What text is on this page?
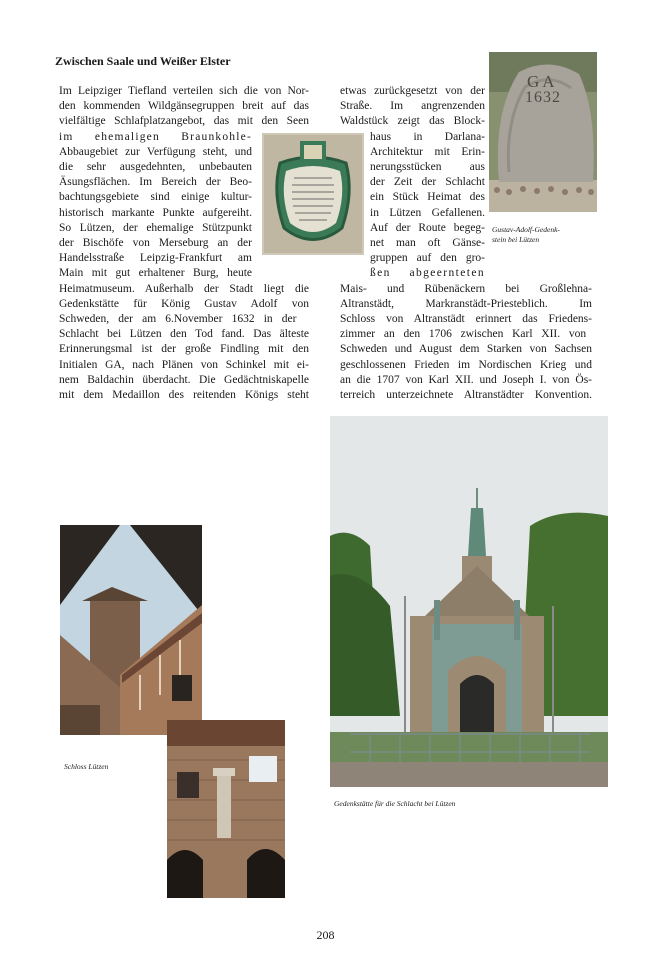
Zwischen Saale und Weißer Elster
Im Leipziger Tiefland verteilen sich die von Nor-
den kommenden Wildgänsegruppen breit auf das
vielfältige Schlafplatzangebot, das mit den Seen
im ehemaligen Braunkohle-
Abbaugebiet zur Verfügung steht, und
die sehr ausgedehnten, unbebauten
Äsungsflächen. Im Bereich der Beo-
bachtungsgebiete sind einige kultur-
historisch markante Punkte aufgereiht.
So Lützen, der ehemalige Stützpunkt
der Bischöfe von Merseburg an der
Handelsstraße Leipzig-Frankfurt am
Main mit gut erhaltener Burg, heute
Heimatmuseum. Außerhalb der Stadt liegt die
Gedenkstätte für König Gustav Adolf von
Schweden, der am 6.November 1632 in der
Schlacht bei Lützen den Tod fand. Das älteste
Erinnerungsmal ist der große Findling mit den
Initialen GA, nach Plänen von Schinkel mit ei-
nem Baldachin überdacht. Die Gedächtniskapelle
mit dem Medaillon des reitenden Königs steht
etwas zurückgesetzt von der
Straße. Im angrenzenden
Waldstück zeigt das Block-
haus in Darlana-
Architektur mit Erin-
nerungsstücken aus
der Zeit der Schlacht
ein Stück Heimat des
in Lützen Gefallenen.
Auf der Route begeg-
net man oft Gänse-
gruppen auf den gro-
ßen abgeernteten
Mais- und Rübenäckern bei Großlehna-
Altranstädt, Markranstädt-Priesteblich. Im
Schloss von Altranstädt erinnert das Friedens-
zimmer an den 1706 zwischen Karl XII. von
Schweden und August dem Starken von Sachsen
geschlossenen Frieden im Nordischen Krieg und
an die 1707 von Karl XII. und Joseph I. von Ös-
terreich unterzeichnete Altranstädter Konvention.
GA
1632
Gustav-Adolf-Gedenk-
stein bei Lützen
Schloss Lützen
Gedenkstätte für die Schlacht bei Lützen
208
